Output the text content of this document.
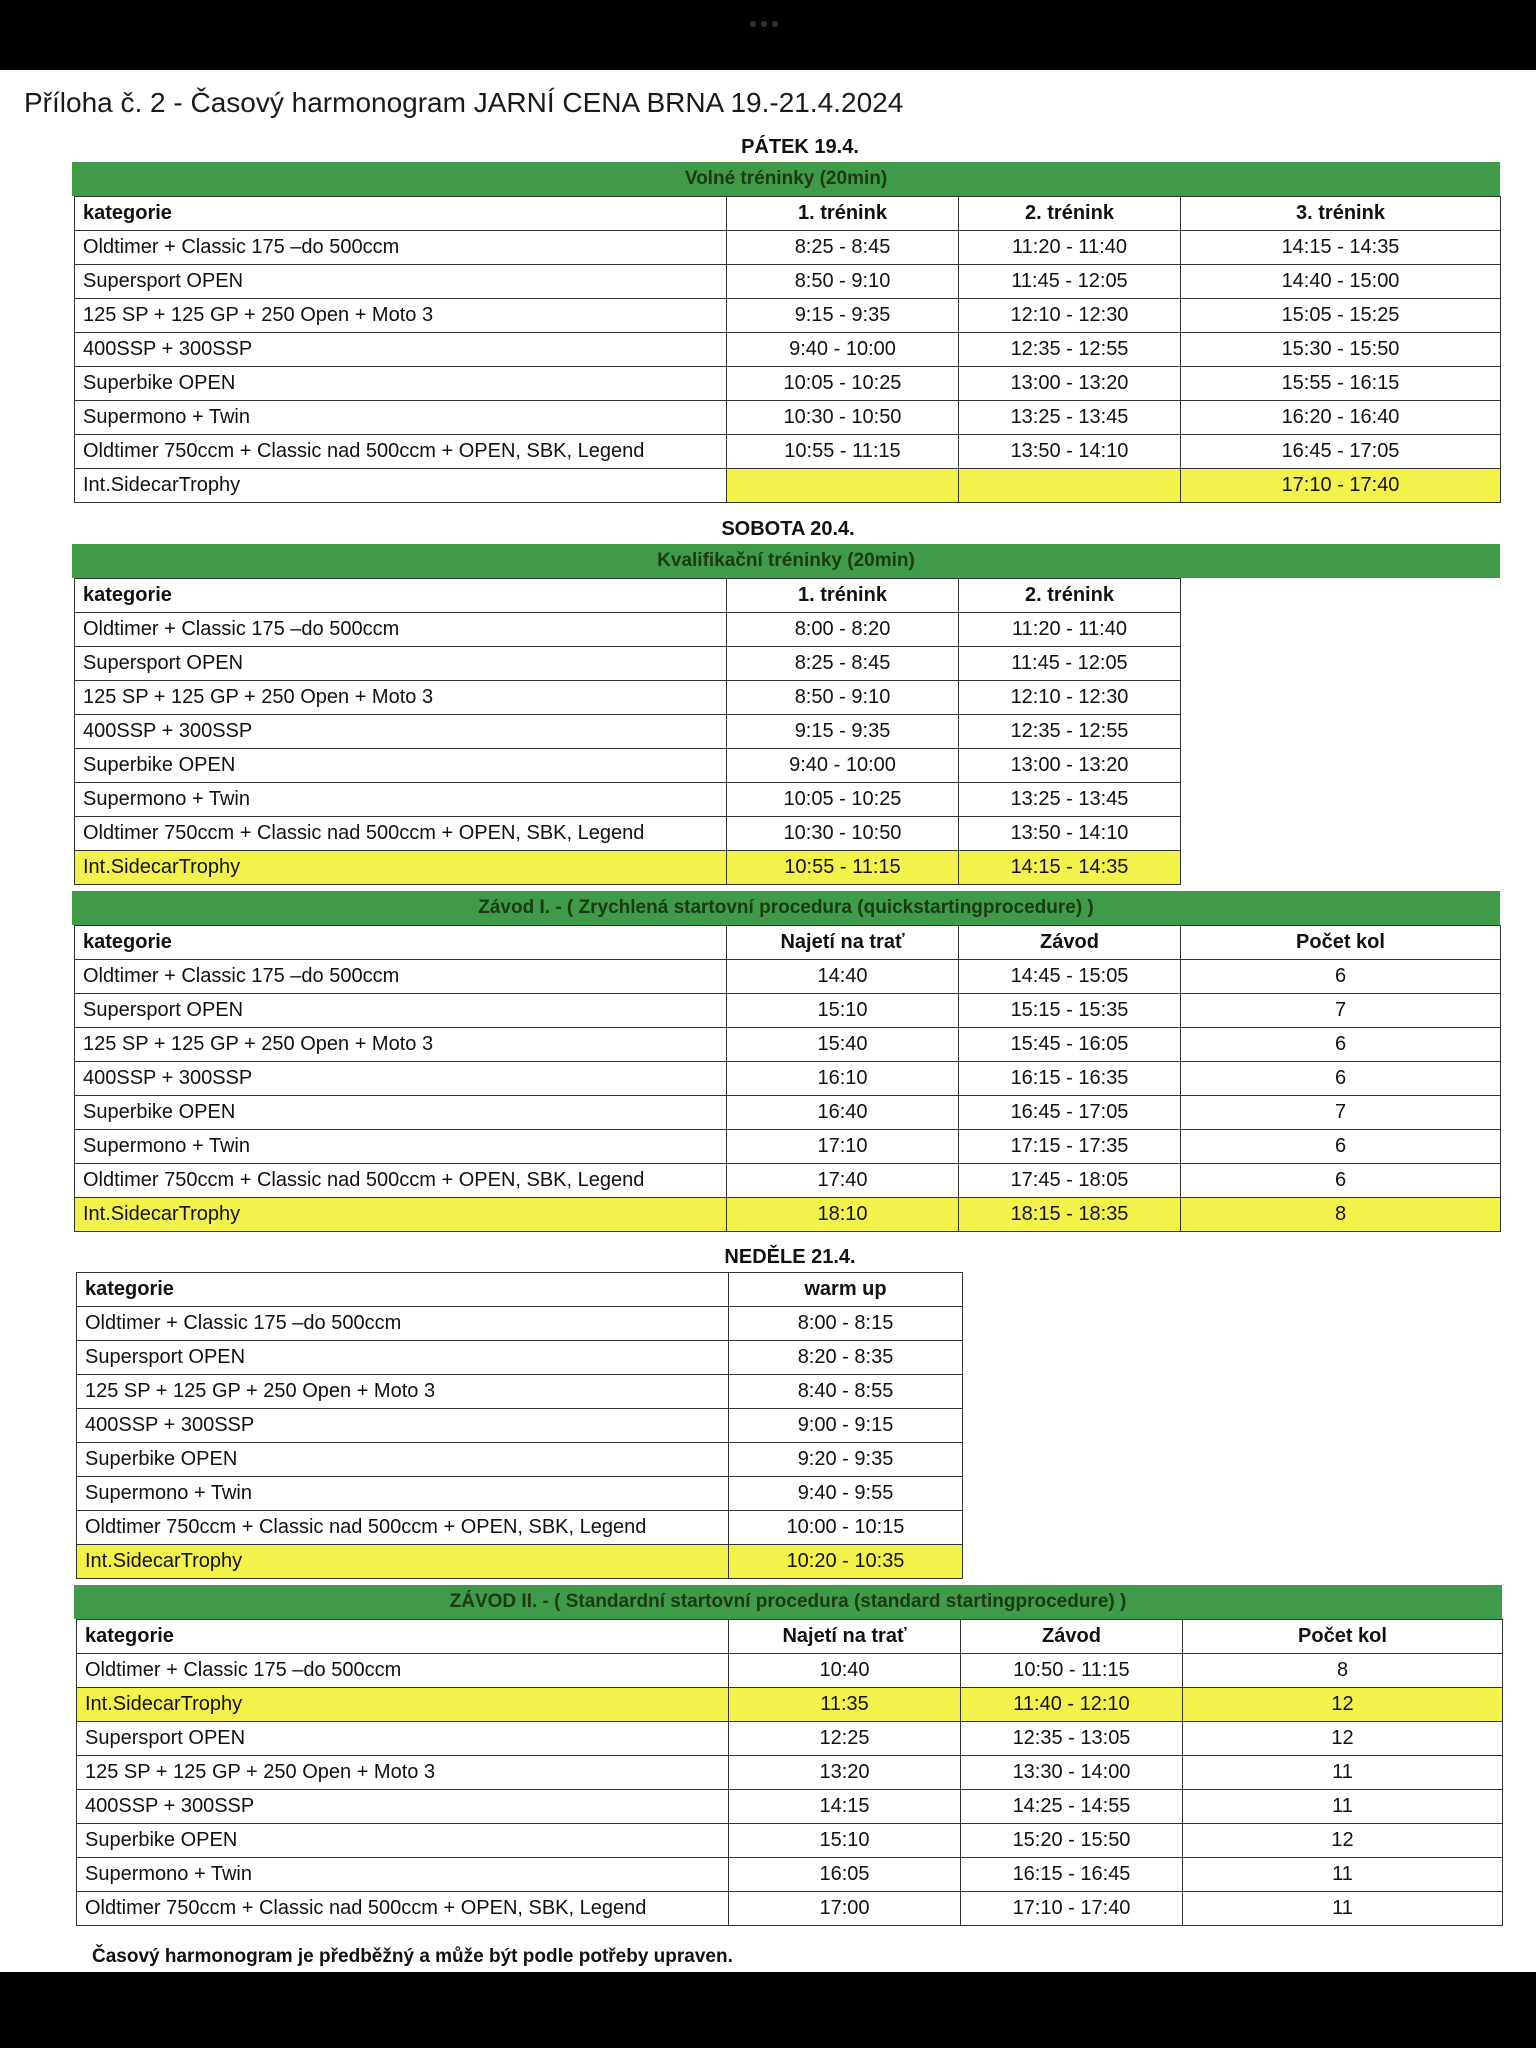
Příloha č. 2 - Časový harmonogram JARNÍ CENA BRNA 19.-21.4.2024
PÁTEK 19.4.
Volné tréninky (20min)
kategorie	1. trénink	2. trénink	3. trénink
Oldtimer + Classic 175 –do 500ccm	8:25 - 8:45	11:20 - 11:40	14:15 - 14:35
Supersport OPEN	8:50 - 9:10	11:45 - 12:05	14:40 - 15:00
125 SP + 125 GP + 250 Open + Moto 3	9:15 - 9:35	12:10 - 12:30	15:05 - 15:25
400SSP + 300SSP	9:40 - 10:00	12:35 - 12:55	15:30 - 15:50
Superbike OPEN	10:05 - 10:25	13:00 - 13:20	15:55 - 16:15
Supermono + Twin	10:30 - 10:50	13:25 - 13:45	16:20 - 16:40
Oldtimer 750ccm + Classic nad 500ccm + OPEN, SBK, Legend	10:55 - 11:15	13:50 - 14:10	16:45 - 17:05
Int.SidecarTrophy			17:10 - 17:40
SOBOTA 20.4.
Kvalifikační tréninky (20min)
kategorie	1. trénink	2. trénink
Oldtimer + Classic 175 –do 500ccm	8:00 - 8:20	11:20 - 11:40
Supersport OPEN	8:25 - 8:45	11:45 - 12:05
125 SP + 125 GP + 250 Open + Moto 3	8:50 - 9:10	12:10 - 12:30
400SSP + 300SSP	9:15 - 9:35	12:35 - 12:55
Superbike OPEN	9:40 - 10:00	13:00 - 13:20
Supermono + Twin	10:05 - 10:25	13:25 - 13:45
Oldtimer 750ccm + Classic nad 500ccm + OPEN, SBK, Legend	10:30 - 10:50	13:50 - 14:10
Int.SidecarTrophy	10:55 - 11:15	14:15 - 14:35
Závod I. - ( Zrychlená startovní procedura (quickstartingprocedure) )
kategorie	Najetí na trať	Závod	Počet kol
Oldtimer + Classic 175 –do 500ccm	14:40	14:45 - 15:05	6
Supersport OPEN	15:10	15:15 - 15:35	7
125 SP + 125 GP + 250 Open + Moto 3	15:40	15:45 - 16:05	6
400SSP + 300SSP	16:10	16:15 - 16:35	6
Superbike OPEN	16:40	16:45 - 17:05	7
Supermono + Twin	17:10	17:15 - 17:35	6
Oldtimer 750ccm + Classic nad 500ccm + OPEN, SBK, Legend	17:40	17:45 - 18:05	6
Int.SidecarTrophy	18:10	18:15 - 18:35	8
NEDĚLE 21.4.
kategorie	warm up
Oldtimer + Classic 175 –do 500ccm	8:00 - 8:15
Supersport OPEN	8:20 - 8:35
125 SP + 125 GP + 250 Open + Moto 3	8:40 - 8:55
400SSP + 300SSP	9:00 - 9:15
Superbike OPEN	9:20 - 9:35
Supermono + Twin	9:40 - 9:55
Oldtimer 750ccm + Classic nad 500ccm + OPEN, SBK, Legend	10:00 - 10:15
Int.SidecarTrophy	10:20 - 10:35
ZÁVOD II. - ( Standardní startovní procedura (standard startingprocedure) )
kategorie	Najetí na trať	Závod	Počet kol
Oldtimer + Classic 175 –do 500ccm	10:40	10:50 - 11:15	8
Int.SidecarTrophy	11:35	11:40 - 12:10	12
Supersport OPEN	12:25	12:35 - 13:05	12
125 SP + 125 GP + 250 Open + Moto 3	13:20	13:30 - 14:00	11
400SSP + 300SSP	14:15	14:25 - 14:55	11
Superbike OPEN	15:10	15:20 - 15:50	12
Supermono + Twin	16:05	16:15 - 16:45	11
Oldtimer 750ccm + Classic nad 500ccm + OPEN, SBK, Legend	17:00	17:10 - 17:40	11
Časový harmonogram je předběžný a může být podle potřeby upraven.
